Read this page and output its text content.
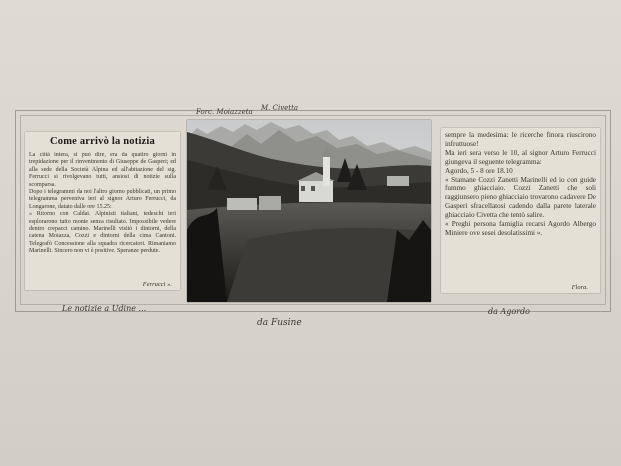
Forc. Moiazzeta M. Civetta
Le notizie a Udine ...
da Fusine
da Agordo
Come arrivò la notizia
La città intera, si può dire, era da quattro giorni in trepidazione per il rinvenimento di Giuseppe de Gasperi; ed alla sede della Società Alpina ed all'abitazione del sig. Ferrucci si rivolgevano tutti, ansiosi di notizie sulla scomparsa.
Dopo i telegrammi da noi l'altro giorno pubblicati, un primo telegramma perveniva ieri al signor Arturo Ferrucci, da Longarone, datato dalle ore 15.25:
« Ritorno con Caldai. Alpinisti italiani, tedeschi ieri esplorarono tutto monte senza risultato. Impossibile vedere dentro crepacci camino. Marinelli visitò i dintorni, della catena Moiazza, Cozzi e dintorni della cima Cantoni. Telegrafò Concessione alla squadra ricercatori. Rimaniamo Marinelli. Sincero non vi è positive. Speranze perdute.
Ferrucci ».
sempre la medesima: le ricerche finora riuscirono infruttuose!
Ma ieri sera verso le 10, al signor Arturo Ferrucci giungeva il seguente telegramma:
Agordo, 5 - 8 ore 18.10
« Stamane Cozzi Zanetti Marinelli ed io con guide fummo ghiacciaio. Cozzi Zanetti che soli raggiunsero pieno ghiacciaio trovarono cadavere De Gasperi sfracellatosi cadendo dalla parete laterale ghiacciaio Civetta che tentò salire.
« Preghi persona famiglia recarsi Agordo Albergo Miniere ove sesei desolatissimi ».
Flora.
